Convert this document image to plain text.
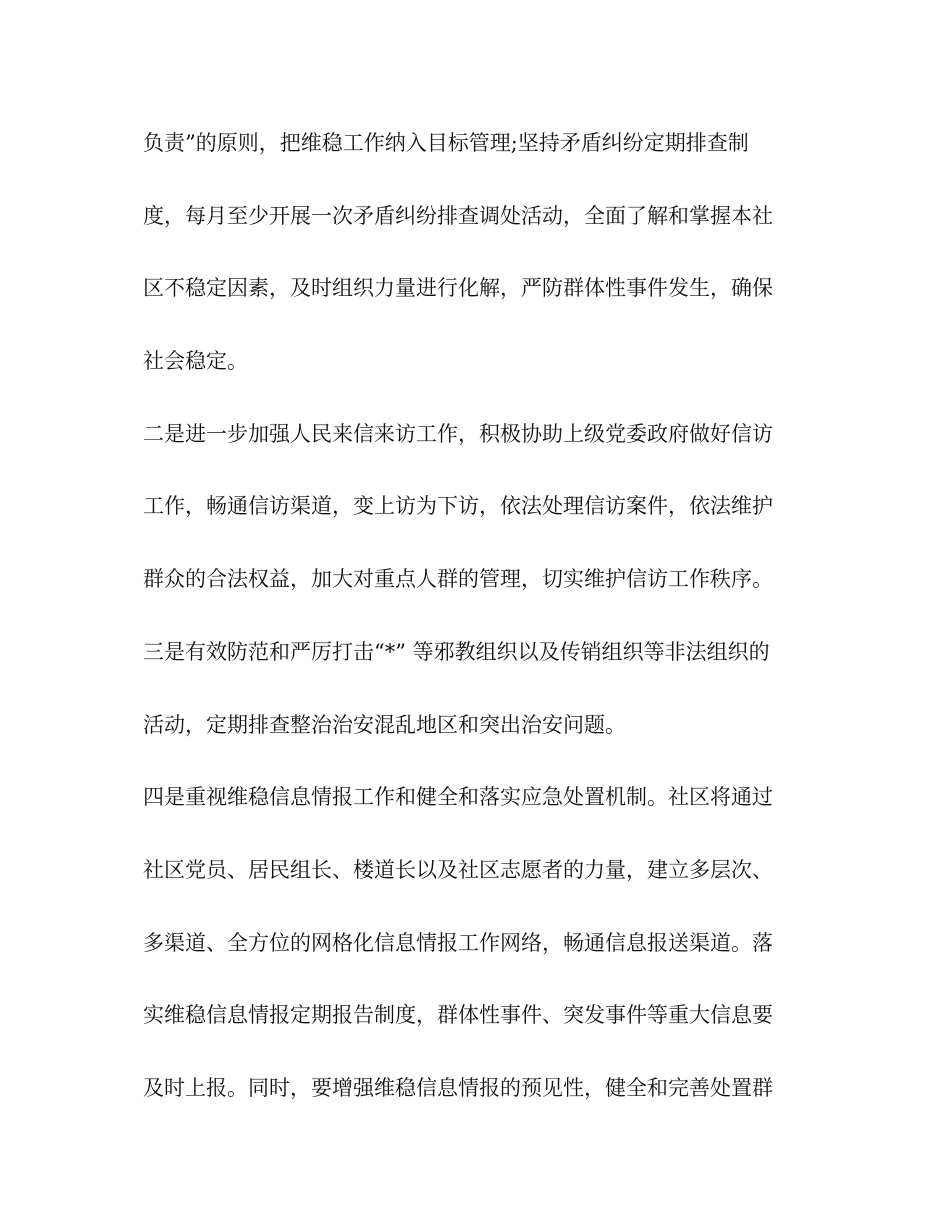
负责”的原则，把维稳工作纳入目标管理;坚持矛盾纠纷定期排查制
度，每月至少开展一次矛盾纠纷排查调处活动，全面了解和掌握本社
区不稳定因素，及时组织力量进行化解，严防群体性事件发生，确保
社会稳定。
二是进一步加强人民来信来访工作，积极协助上级党委政府做好信访
工作，畅通信访渠道，变上访为下访，依法处理信访案件，依法维护
群众的合法权益，加大对重点人群的管理，切实维护信访工作秩序。
三是有效防范和严厉打击“*” 等邪教组织以及传销组织等非法组织的
活动，定期排查整治治安混乱地区和突出治安问题。
四是重视维稳信息情报工作和健全和落实应急处置机制。社区将通过
社区党员、居民组长、楼道长以及社区志愿者的力量，建立多层次、
多渠道、全方位的网格化信息情报工作网络，畅通信息报送渠道。落
实维稳信息情报定期报告制度，群体性事件、突发事件等重大信息要
及时上报。同时，要增强维稳信息情报的预见性，健全和完善处置群
